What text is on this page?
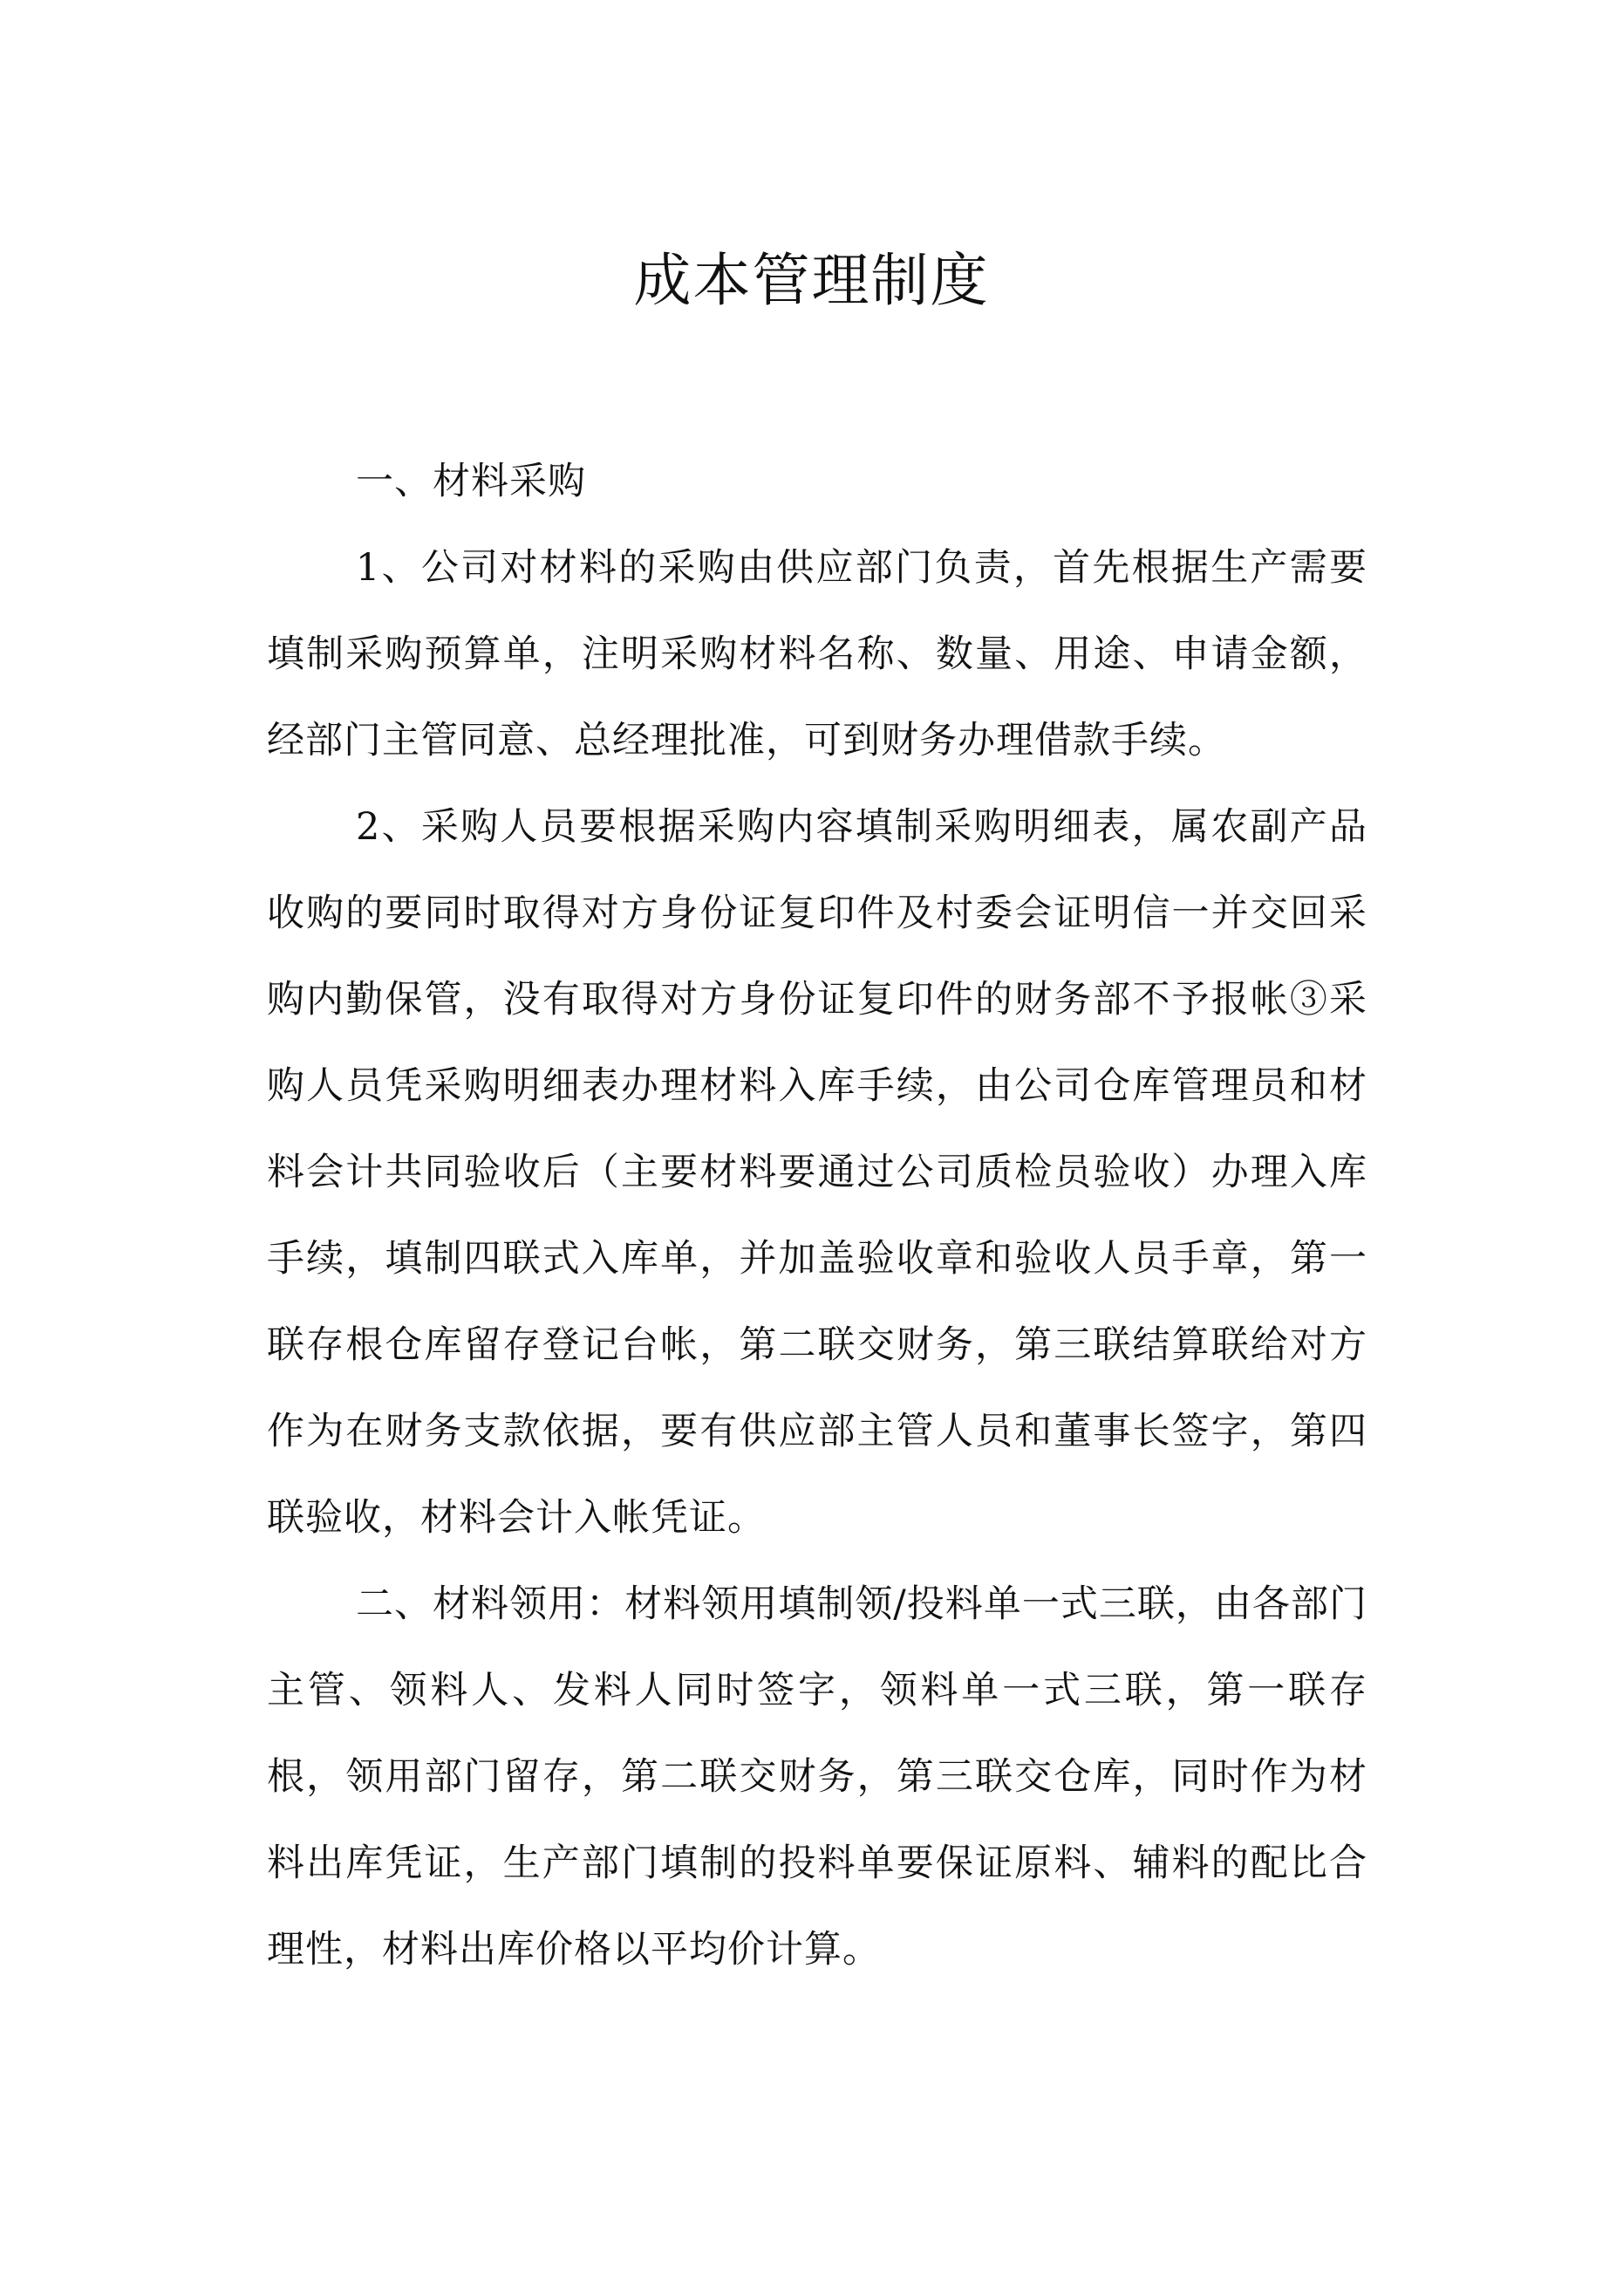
成本管理制度

一、材料采购

1、公司对材料的采购由供应部门负责，首先根据生产需要填制采购预算单，注明采购材料名称、数量、用途、申请金额，经部门主管同意、总经理批准，可到财务办理借款手续。

2、采购人员要根据采购内容填制采购明细表，属农副产品收购的要同时取得对方身份证复印件及村委会证明信一并交回采购内勤保管，没有取得对方身份证复印件的财务部不予报帐③采购人员凭采购明细表办理材料入库手续，由公司仓库管理员和材料会计共同验收后（主要材料要通过公司质检员验收）办理入库手续，填制四联式入库单，并加盖验收章和验收人员手章，第一联存根仓库留存登记台帐，第二联交财务，第三联结算联给对方作为在财务支款依据，要有供应部主管人员和董事长签字，第四联验收，材料会计入帐凭证。

二、材料领用：材料领用填制领/投料单一式三联，由各部门主管、领料人、发料人同时签字，领料单一式三联，第一联存根，领用部门留存，第二联交财务，第三联交仓库，同时作为材料出库凭证，生产部门填制的投料单要保证原料、辅料的配比合理性，材料出库价格以平均价计算。
